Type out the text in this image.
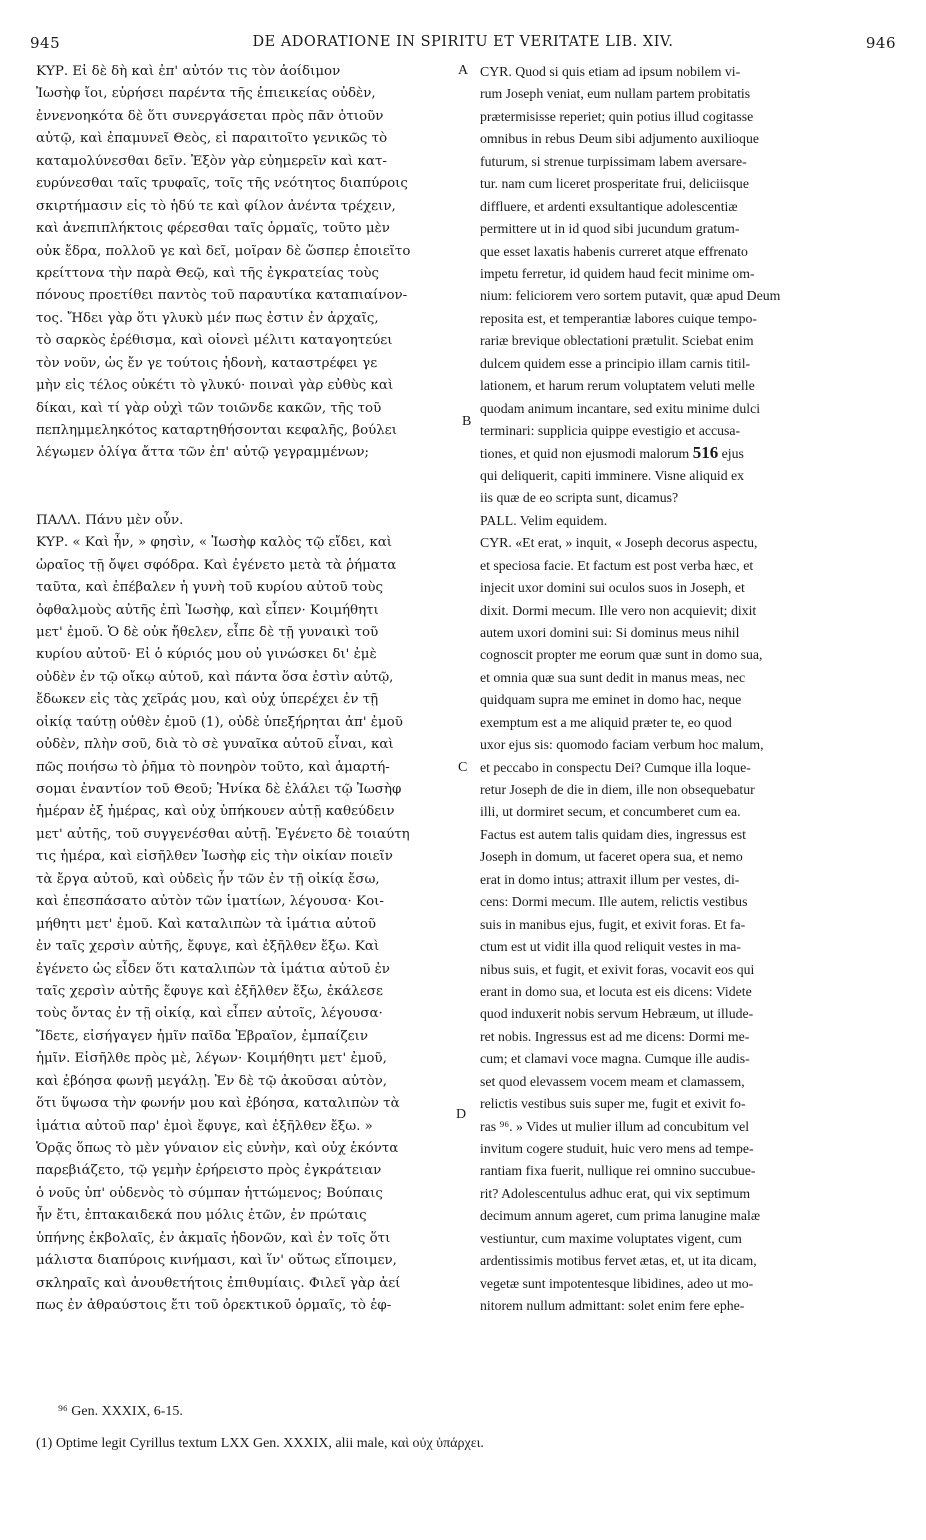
945	DE ADORATIONE IN SPIRITU ET VERITATE LIB. XIV.	946
ΚΥΡ. Εἰ δὲ δὴ καὶ ἐπ' αὐτόν τις τὸν ἀοίδιμον
Ἰωσὴφ ἴοι, εὑρήσει παρέντα τῆς ἐπιεικείας οὐδὲν,
ἐννενοηκότα δὲ ὅτι συνεργάσεται πρὸς πᾶν ὁτιοῦν
αὐτῷ, καὶ ἐπαμυνεῖ Θεὸς, εἰ παραιτοῖτο γενικῶς τὸ
καταμολύνεσθαι δεῖν. Ἐξὸν γὰρ εὐημερεῖν καὶ κατ-
ευρύνεσθαι ταῖς τρυφαῖς, τοῖς τῆς νεότητος διαπύροις
σκιρτήμασιν εἰς τὸ ἡδύ τε καὶ φίλον ἀνέντα τρέχειν,
καὶ ἀνεπιπλήκτοις φέρεσθαι ταῖς ὁρμαῖς, τοῦτο μὲν
οὐκ ἔδρα, πολλοῦ γε καὶ δεῖ, μοῖραν δὲ ὥσπερ ἐποιεῖτο
κρείττονα τὴν παρὰ Θεῷ, καὶ τῆς ἐγκρατείας τοὺς
πόνους προετίθει παντὸς τοῦ παραυτίκα καταπιαίνον-
τος. Ἤδει γὰρ ὅτι γλυκὺ μέν πως ἐστιν ἐν ἀρχαῖς,
τὸ σαρκὸς ἐρέθισμα, καὶ οἱονεὶ μέλιτι καταγοητεύει
τὸν νοῦν, ὡς ἔν γε τούτοις ἡδονὴ, καταστρέφει γε
μὴν εἰς τέλος οὐκέτι τὸ γλυκύ· ποιναὶ γὰρ εὐθὺς καὶ
δίκαι, καὶ τί γὰρ οὐχὶ τῶν τοιῶνδε κακῶν, τῆς τοῦ
πεπλημμεληκότος καταρτηθήσονται κεφαλῆς, βούλει
λέγωμεν ὀλίγα ἄττα τῶν ἐπ' αὐτῷ γεγραμμένων;
ΠΑΛΛ. Πάνυ μὲν οὖν.
ΚΥΡ. « Καὶ ἦν, » φησὶν, « Ἰωσὴφ καλὸς τῷ εἴδει, καὶ
ὡραῖος τῇ ὄψει σφόδρα. Καὶ ἐγένετο μετὰ τὰ ῥήματα
ταῦτα, καὶ ἐπέβαλεν ἡ γυνὴ τοῦ κυρίου αὐτοῦ τοὺς
ὀφθαλμοὺς αὐτῆς ἐπὶ Ἰωσὴφ, καὶ εἶπεν· Κοιμήθητι
μετ' ἐμοῦ. Ὁ δὲ οὐκ ἤθελεν, εἶπε δὲ τῇ γυναικὶ τοῦ
κυρίου αὐτοῦ· Εἰ ὁ κύριός μου οὐ γινώσκει δι' ἐμὲ
οὐδὲν ἐν τῷ οἴκῳ αὐτοῦ, καὶ πάντα ὅσα ἐστὶν αὐτῷ,
ἔδωκεν εἰς τὰς χεῖράς μου, καὶ οὐχ ὑπερέχει ἐν τῇ
οἰκίᾳ ταύτῃ οὐθὲν ἐμοῦ (1), οὐδὲ ὑπεξήρηται ἀπ' ἐμοῦ
οὐδὲν, πλὴν σοῦ, διὰ τὸ σὲ γυναῖκα αὐτοῦ εἶναι, καὶ
πῶς ποιήσω τὸ ῥῆμα τὸ πονηρὸν τοῦτο, καὶ ἁμαρτή-
σομαι ἐναντίον τοῦ Θεοῦ; Ἡνίκα δὲ ἐλάλει τῷ Ἰωσὴφ
ἡμέραν ἐξ ἡμέρας, καὶ οὐχ ὑπήκουεν αὐτῇ καθεύδειν
μετ' αὐτῆς, τοῦ συγγενέσθαι αὐτῇ. Ἐγένετο δὲ τοιαύτη
τις ἡμέρα, καὶ εἰσῆλθεν Ἰωσὴφ εἰς τὴν οἰκίαν ποιεῖν
τὰ ἔργα αὐτοῦ, καὶ οὐδεὶς ἦν τῶν ἐν τῇ οἰκίᾳ ἔσω,
καὶ ἐπεσπάσατο αὐτὸν τῶν ἱματίων, λέγουσα· Κοι-
μήθητι μετ' ἐμοῦ. Καὶ καταλιπὼν τὰ ἱμάτια αὐτοῦ
ἐν ταῖς χερσὶν αὐτῆς, ἔφυγε, καὶ ἐξῆλθεν ἔξω. Καὶ
ἐγένετο ὡς εἶδεν ὅτι καταλιπὼν τὰ ἱμάτια αὐτοῦ ἐν
ταῖς χερσὶν αὐτῆς ἔφυγε καὶ ἐξῆλθεν ἔξω, ἐκάλεσε
τοὺς ὄντας ἐν τῇ οἰκίᾳ, καὶ εἶπεν αὐτοῖς, λέγουσα·
Ἴδετε, εἰσήγαγεν ἡμῖν παῖδα Ἑβραῖον, ἐμπαίζειν
ἡμῖν. Εἰσῆλθε πρὸς μὲ, λέγων· Κοιμήθητι μετ' ἐμοῦ,
καὶ ἐβόησα φωνῇ μεγάλῃ. Ἐν δὲ τῷ ἀκοῦσαι αὐτὸν,
ὅτι ὕψωσα τὴν φωνήν μου καὶ ἐβόησα, καταλιπὼν τὰ
ἱμάτια αὐτοῦ παρ' ἐμοὶ ἔφυγε, καὶ ἐξῆλθεν ἔξω. »
Ὁρᾷς ὅπως τὸ μὲν γύναιον εἰς εὐνὴν, καὶ οὐχ ἑκόντα
παρεβιάζετο, τῷ γεμὴν ἐρήρειστο πρὸς ἐγκράτειαν
ὁ νοῦς ὑπ' οὐδενὸς τὸ σύμπαν ἡττώμενος; Βούπαις
ἦν ἔτι, ἑπτακαιδεκά που μόλις ἐτῶν, ἐν πρώταις
ὑπήνης ἐκβολαῖς, ἐν ἀκμαῖς ἡδονῶν, καὶ ἐν τοῖς ὅτι
μάλιστα διαπύροις κινήμασι, καὶ ἵν' οὕτως εἴποιμεν,
σκληραῖς καὶ ἀνουθετήτοις ἐπιθυμίαις. Φιλεῖ γὰρ ἀεί
πως ἐν ἀθραύστοις ἔτι τοῦ ὀρεκτικοῦ ὁρμαῖς, τὸ ἐφ-
CYR. Quod si quis etiam ad ipsum nobilem vi-
rum Joseph veniat, eum nullam partem probitatis
prætermisisse reperiet; quin potius illud cogitasse
omnibus in rebus Deum sibi adjumento auxilioque
futurum, si strenue turpissimam labem aversare-
tur. nam cum liceret prosperitate frui, deliciisque
diffluere, et ardenti exsultantique adolescentiæ
permittere ut in id quod sibi jucundum gratum-
que esset laxatis habenis curreret atque effrenato
impetu ferretur, id quidem haud fecit minime om-
nium: feliciorem vero sortem putavit, quæ apud Deum
reposita est, et temperantiæ labores cuique tempo-
rariæ brevique oblectationi prætulit. Sciebat enim
dulcem quidem esse a principio illam carnis titil-
lationem, et harum rerum voluptatem veluti melle
quodam animum incantare, sed exitu minime dulci
terminari: supplicia quippe evestigio et accusa-
tiones, et quid non ejusmodi malorum 516 ejus
qui deliquerit, capiti imminere. Visne aliquid ex
iis quæ de eo scripta sunt, dicamus?
PALL. Velim equidem.
CYR. «Et erat, » inquit, « Joseph decorus aspectu,
et speciosa facie. Et factum est post verba hæc, et
injecit uxor domini sui oculos suos in Joseph, et
dixit. Dormi mecum. Ille vero non acquievit; dixit
autem uxori domini sui: Si dominus meus nihil
cognoscit propter me eorum quæ sunt in domo sua,
et omnia quæ sua sunt dedit in manus meas, nec
quidquam supra me eminet in domo hac, neque
exemptum est a me aliquid præter te, eo quod
uxor ejus sis: quomodo faciam verbum hoc malum,
et peccabo in conspectu Dei? Cumque illa loque-
retur Joseph de die in diem, ille non obsequebatur
illi, ut dormiret secum, et concumberet cum ea.
Factus est autem talis quidam dies, ingressus est
Joseph in domum, ut faceret opera sua, et nemo
erat in domo intus; attraxit illum per vestes, di-
cens: Dormi mecum. Ille autem, relictis vestibus
suis in manibus ejus, fugit, et exivit foras. Et fa-
ctum est ut vidit illa quod reliquit vestes in ma-
nibus suis, et fugit, et exivit foras, vocavit eos qui
erant in domo sua, et locuta est eis dicens: Videte
quod induxerit nobis servum Hebræum, ut illude-
ret nobis. Ingressus est ad me dicens: Dormi me-
cum; et clamavi voce magna. Cumque ille audis-
set quod elevassem vocem meam et clamassem,
relictis vestibus suis super me, fugit et exivit fo-
ras ⁹⁶. » Vides ut mulier illum ad concubitum vel
invitum cogere studuit, huic vero mens ad tempe-
rantiam fixa fuerit, nullique rei omnino succubue-
rit? Adolescentulus adhuc erat, qui vix septimum
decimum annum ageret, cum prima lanugine malæ
vestiuntur, cum maxime voluptates vigent, cum
ardentissimis motibus fervet ætas, et, ut ita dicam,
vegetæ sunt impotentesque libidines, adeo ut mo-
nitorem nullum admittant: solet enim fere ephe-
A
B
C
D
⁹⁶ Gen. XXXIX, 6-15.
(1) Optime legit Cyrillus textum LXX Gen. XXXIX, alii male, καὶ οὐχ ὑπάρχει.
